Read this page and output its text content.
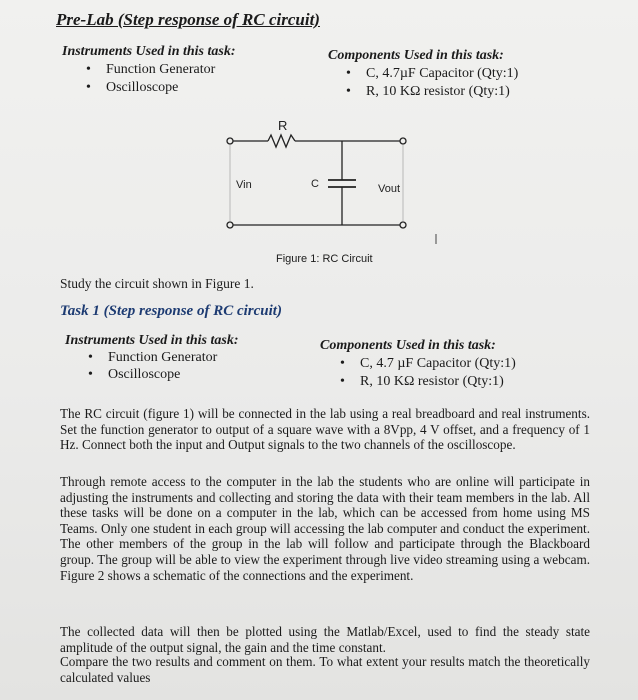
Pre-Lab (Step response of RC circuit)
Instruments Used in this task:
• Function Generator
• Oscilloscope
Components Used in this task:
• C, 4.7µF Capacitor (Qty:1)
• R, 10 KΩ resistor (Qty:1)
R
Vin	C	Vout
Figure 1: RC Circuit
Study the circuit shown in Figure 1.
Task 1 (Step response of RC circuit)
Instruments Used in this task:
• Function Generator
• Oscilloscope
Components Used in this task:
• C, 4.7 µF Capacitor (Qty:1)
• R, 10 KΩ resistor (Qty:1)
The RC circuit (figure 1) will be connected in the lab using a real breadboard and real instruments. Set the function generator to output of a square wave with a 8Vpp, 4 V offset, and a frequency of 1 Hz. Connect both the input and Output signals to the two channels of the oscilloscope.
Through remote access to the computer in the lab the students who are online will participate in adjusting the instruments and collecting and storing the data with their team members in the lab. All these tasks will be done on a computer in the lab, which can be accessed from home using MS Teams. Only one student in each group will accessing the lab computer and conduct the experiment. The other members of the group in the lab will follow and participate through the Blackboard group. The group will be able to view the experiment through live video streaming using a webcam. Figure 2 shows a schematic of the connections and the experiment.
The collected data will then be plotted using the Matlab/Excel, used to find the steady state amplitude of the output signal, the gain and the time constant.
Compare the two results and comment on them. To what extent your results match the theoretically calculated values
